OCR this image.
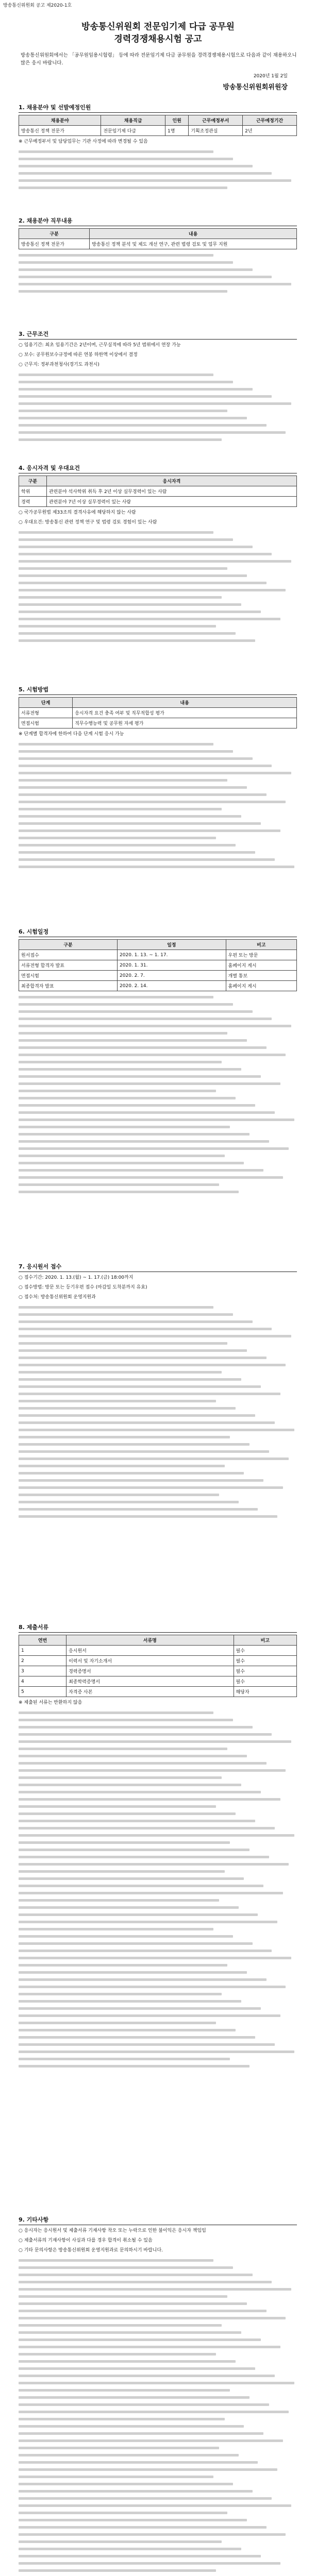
방송통신위원회 공고 제2020-1호
방송통신위원회 전문임기제 다급 공무원
경력경쟁채용시험 공고
방송통신위원회에서는 「공무원임용시험령」 등에 따라 전문임기제 다급 공무원을 경력경쟁채용시험으로 다음과 같이 채용하오니 많은 응시 바랍니다.
2020년 1월 2일
방송통신위원회위원장
1. 채용분야 및 선발예정인원
채용분야	채용직급	인원	근무예정부서	근무예정기간
방송통신 정책 전문가	전문임기제 다급	1명	기획조정관실	2년
※ 근무예정부서 및 담당업무는 기관 사정에 따라 변경될 수 있음
2. 채용분야 직무내용
구분	내용
방송통신 정책 전문가	방송통신 정책 분석 및 제도 개선 연구, 관련 법령 검토 및 업무 지원
3. 근무조건
○ 임용기간: 최초 임용기간은 2년이며, 근무실적에 따라 5년 범위에서 연장 가능
○ 보수: 공무원보수규정에 따른 연봉 하한액 이상에서 결정
○ 근무지: 정부과천청사(경기도 과천시)
4. 응시자격 및 우대요건
구분	응시자격
학위	관련분야 석사학위 취득 후 2년 이상 실무경력이 있는 사람
경력	관련분야 7년 이상 실무경력이 있는 사람
○ 국가공무원법 제33조의 결격사유에 해당하지 않는 사람
○ 우대요건: 방송통신 관련 정책 연구 및 법령 검토 경험이 있는 사람
5. 시험방법
단계	내용
서류전형	응시자격 요건 충족 여부 및 직무적합성 평가
면접시험	직무수행능력 및 공무원 자세 평가
※ 단계별 합격자에 한하여 다음 단계 시험 응시 가능
6. 시험일정
구분	일정	비고
원서접수	2020. 1. 13. ~ 1. 17.	우편 또는 방문
서류전형 합격자 발표	2020. 1. 31.	홈페이지 게시
면접시험	2020. 2. 7.	개별 통보
최종합격자 발표	2020. 2. 14.	홈페이지 게시
7. 응시원서 접수
○ 접수기간: 2020. 1. 13.(월) ~ 1. 17.(금) 18:00까지
○ 접수방법: 방문 또는 등기우편 접수 (마감일 도착분까지 유효)
○ 접수처: 방송통신위원회 운영지원과
8. 제출서류
연번	서류명	비고
1	응시원서	필수
2	이력서 및 자기소개서	필수
3	경력증명서	필수
4	최종학력증명서	필수
5	자격증 사본	해당자
※ 제출된 서류는 반환하지 않음
9. 기타사항
○ 응시자는 응시원서 및 제출서류 기재사항 착오 또는 누락으로 인한 불이익은 응시자 책임임
○ 제출서류의 기재사항이 사실과 다를 경우 합격이 취소될 수 있음
○ 기타 문의사항은 방송통신위원회 운영지원과로 문의하시기 바랍니다.
